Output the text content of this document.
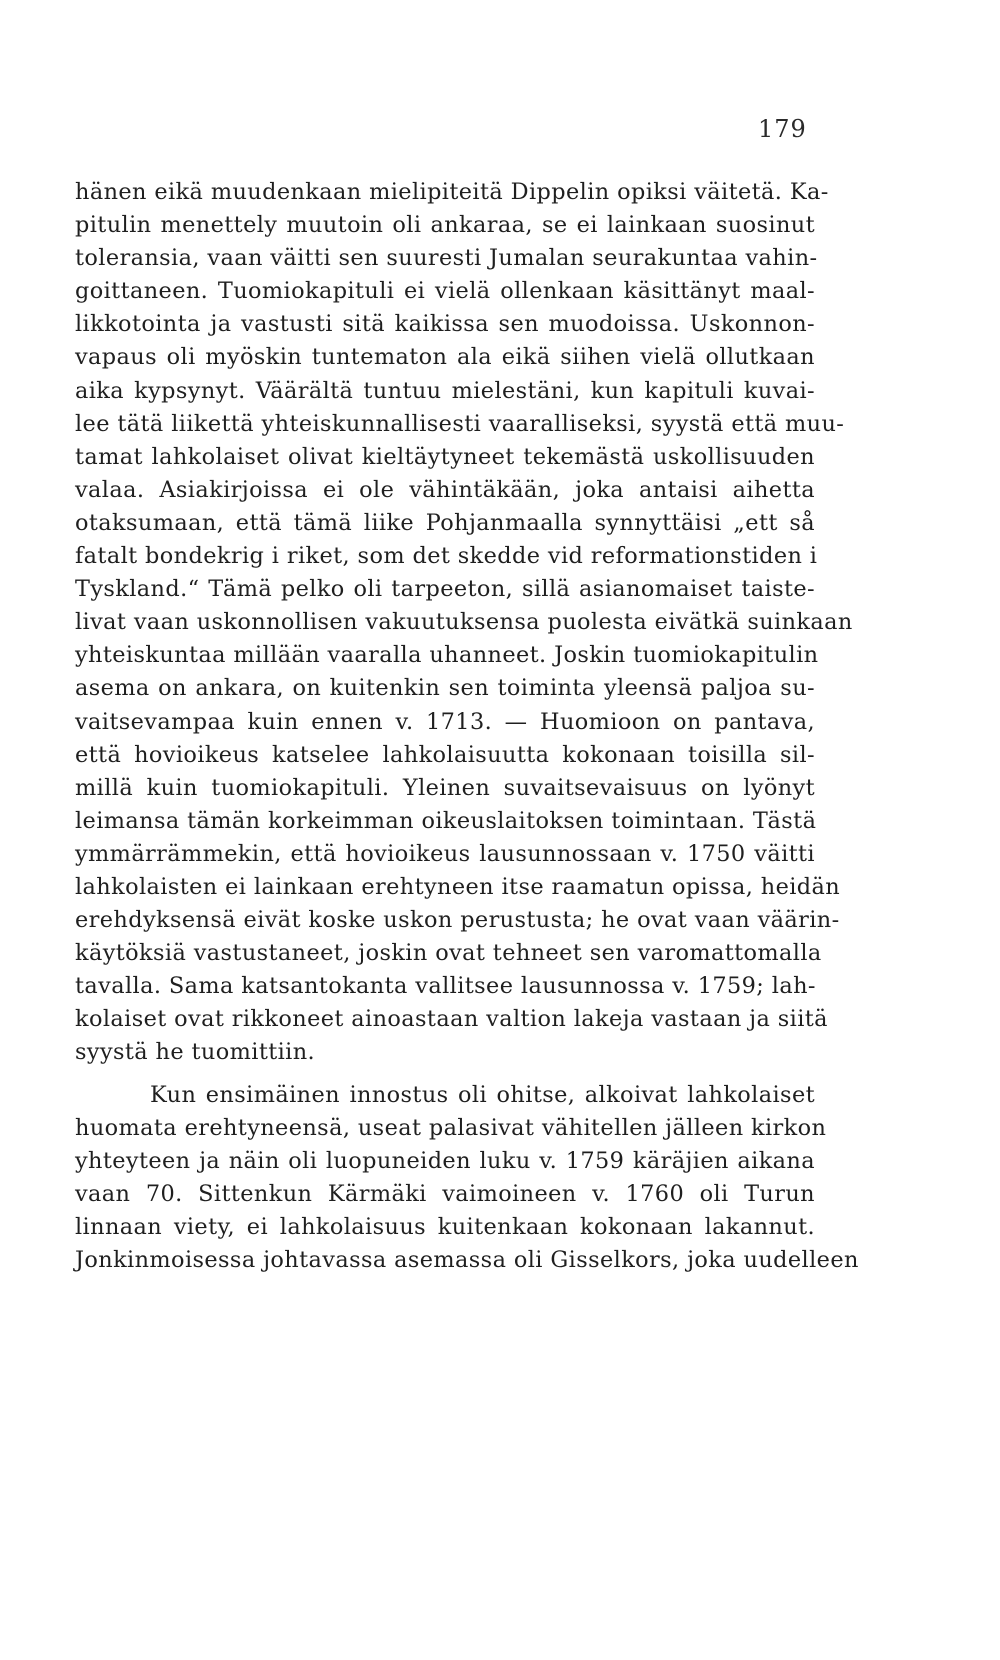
179
hänen eikä muudenkaan mielipiteitä Dippelin opiksi väitetä. Ka-
pitulin menettely muutoin oli ankaraa, se ei lainkaan suosinut
toleransia, vaan väitti sen suuresti Jumalan seurakuntaa vahin-
goittaneen. Tuomiokapituli ei vielä ollenkaan käsittänyt maal-
likkotointa ja vastusti sitä kaikissa sen muodoissa. Uskonnon-
vapaus oli myöskin tuntematon ala eikä siihen vielä ollutkaan
aika kypsynyt. Väärältä tuntuu mielestäni, kun kapituli kuvai-
lee tätä liikettä yhteiskunnallisesti vaaralliseksi, syystä että muu-
tamat lahkolaiset olivat kieltäytyneet tekemästä uskollisuuden
valaa. Asiakirjoissa ei ole vähintäkään, joka antaisi aihetta
otaksumaan, että tämä liike Pohjanmaalla synnyttäisi „ett så
fatalt bondekrig i riket, som det skedde vid reformationstiden i
Tyskland.“ Tämä pelko oli tarpeeton, sillä asianomaiset taiste-
livat vaan uskonnollisen vakuutuksensa puolesta eivätkä suinkaan
yhteiskuntaa millään vaaralla uhanneet. Joskin tuomiokapitulin
asema on ankara, on kuitenkin sen toiminta yleensä paljoa su-
vaitsevampaa kuin ennen v. 1713. — Huomioon on pantava,
että hovioikeus katselee lahkolaisuutta kokonaan toisilla sil-
millä kuin tuomiokapituli. Yleinen suvaitsevaisuus on lyönyt
leimansa tämän korkeimman oikeuslaitoksen toimintaan. Tästä
ymmärrämmekin, että hovioikeus lausunnossaan v. 1750 väitti
lahkolaisten ei lainkaan erehtyneen itse raamatun opissa, heidän
erehdyksensä eivät koske uskon perustusta; he ovat vaan väärin-
käytöksiä vastustaneet, joskin ovat tehneet sen varomattomalla
tavalla. Sama katsantokanta vallitsee lausunnossa v. 1759; lah-
kolaiset ovat rikkoneet ainoastaan valtion lakeja vastaan ja siitä
syystä he tuomittiin.
Kun ensimäinen innostus oli ohitse, alkoivat lahkolaiset
huomata erehtyneensä, useat palasivat vähitellen jälleen kirkon
yhteyteen ja näin oli luopuneiden luku v. 1759 käräjien aikana
vaan 70. Sittenkun Kärmäki vaimoineen v. 1760 oli Turun
linnaan viety, ei lahkolaisuus kuitenkaan kokonaan lakannut.
Jonkinmoisessa johtavassa asemassa oli Gisselkors, joka uudelleen
